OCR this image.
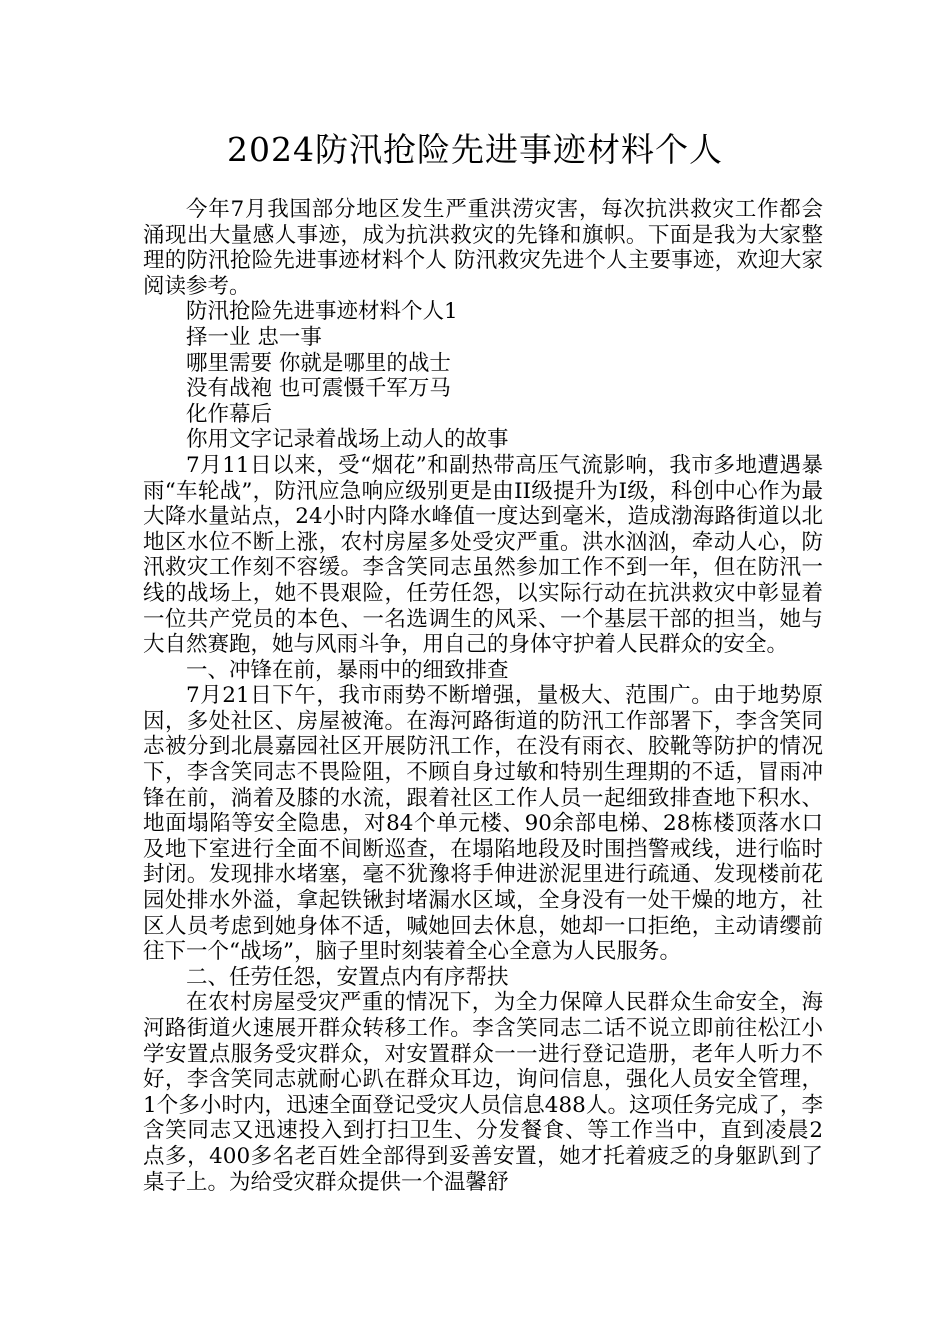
2024防汛抢险先进事迹材料个人

今年7月我国部分地区发生严重洪涝灾害，每次抗洪救灾工作都会涌现出大量感人事迹，成为抗洪救灾的先锋和旗帜。下面是我为大家整理的防汛抢险先进事迹材料个人 防汛救灾先进个人主要事迹，欢迎大家阅读参考。

防汛抢险先进事迹材料个人1

择一业 忠一事

哪里需要 你就是哪里的战士

没有战袍 也可震慑千军万马

化作幕后

你用文字记录着战场上动人的故事

7月11日以来，受“烟花”和副热带高压气流影响，我市多地遭遇暴雨“车轮战”，防汛应急响应级别更是由II级提升为I级，科创中心作为最大降水量站点，24小时内降水峰值一度达到毫米，造成渤海路街道以北地区水位不断上涨，农村房屋多处受灾严重。洪水汹汹，牵动人心，防汛救灾工作刻不容缓。李含笑同志虽然参加工作不到一年，但在防汛一线的战场上，她不畏艰险，任劳任怨，以实际行动在抗洪救灾中彰显着一位共产党员的本色、一名选调生的风采、一个基层干部的担当，她与大自然赛跑，她与风雨斗争，用自己的身体守护着人民群众的安全。

一、冲锋在前，暴雨中的细致排查

7月21日下午，我市雨势不断增强，量极大、范围广。由于地势原因，多处社区、房屋被淹。在海河路街道的防汛工作部署下，李含笑同志被分到北晨嘉园社区开展防汛工作，在没有雨衣、胶靴等防护的情况下，李含笑同志不畏险阻，不顾自身过敏和特别生理期的不适，冒雨冲锋在前，淌着及膝的水流，跟着社区工作人员一起细致排查地下积水、地面塌陷等安全隐患，对84个单元楼、90余部电梯、28栋楼顶落水口及地下室进行全面不间断巡查，在塌陷地段及时围挡警戒线，进行临时封闭。发现排水堵塞，毫不犹豫将手伸进淤泥里进行疏通、发现楼前花园处排水外溢，拿起铁锹封堵漏水区域，全身没有一处干燥的地方，社区人员考虑到她身体不适，喊她回去休息，她却一口拒绝，主动请缨前往下一个“战场”，脑子里时刻装着全心全意为人民服务。

二、任劳任怨，安置点内有序帮扶

在农村房屋受灾严重的情况下，为全力保障人民群众生命安全，海河路街道火速展开群众转移工作。李含笑同志二话不说立即前往松江小学安置点服务受灾群众，对安置群众一一进行登记造册，老年人听力不好，李含笑同志就耐心趴在群众耳边，询问信息，强化人员安全管理，1个多小时内，迅速全面登记受灾人员信息488人。这项任务完成了，李含笑同志又迅速投入到打扫卫生、分发餐食、等工作当中，直到凌晨2点多，400多名老百姓全部得到妥善安置，她才托着疲乏的身躯趴到了桌子上。为给受灾群众提供一个温馨舒
